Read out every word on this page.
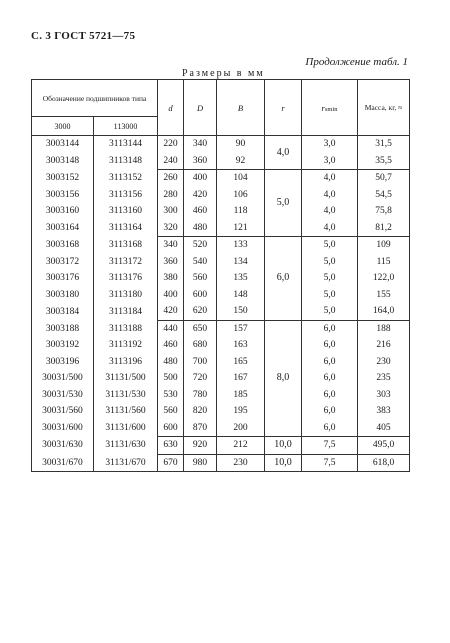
С. 3 ГОСТ 5721—75
Продолжение табл. 1
Размеры в мм
Обозначение подшипников типа		d	D	B	r	rsmin	Масса, кг, ≈
3000	113000						
3003144	3113144	220	340	90	4,0	3,0	31,5
3003148	3113148	240	360	92		3,0	35,5
3003152	3113152	260	400	104	5,0	4,0	50,7
3003156	3113156	280	420	106		4,0	54,5
3003160	3113160	300	460	118		4,0	75,8
3003164	3113164	320	480	121		4,0	81,2
3003168	3113168	340	520	133	6,0	5,0	109
3003172	3113172	360	540	134		5,0	115
3003176	3113176	380	560	135		5,0	122,0
3003180	3113180	400	600	148		5,0	155
3003184	3113184	420	620	150		5,0	164,0
3003188	3113188	440	650	157	8,0	6,0	188
3003192	3113192	460	680	163		6,0	216
3003196	3113196	480	700	165		6,0	230
30031/500	31131/500	500	720	167		6,0	235
30031/530	31131/530	530	780	185		6,0	303
30031/560	31131/560	560	820	195		6,0	383
30031/600	31131/600	600	870	200		6,0	405
30031/630	31131/630	630	920	212	10,0	7,5	495,0
30031/670	31131/670	670	980	230	10,0	7,5	618,0
